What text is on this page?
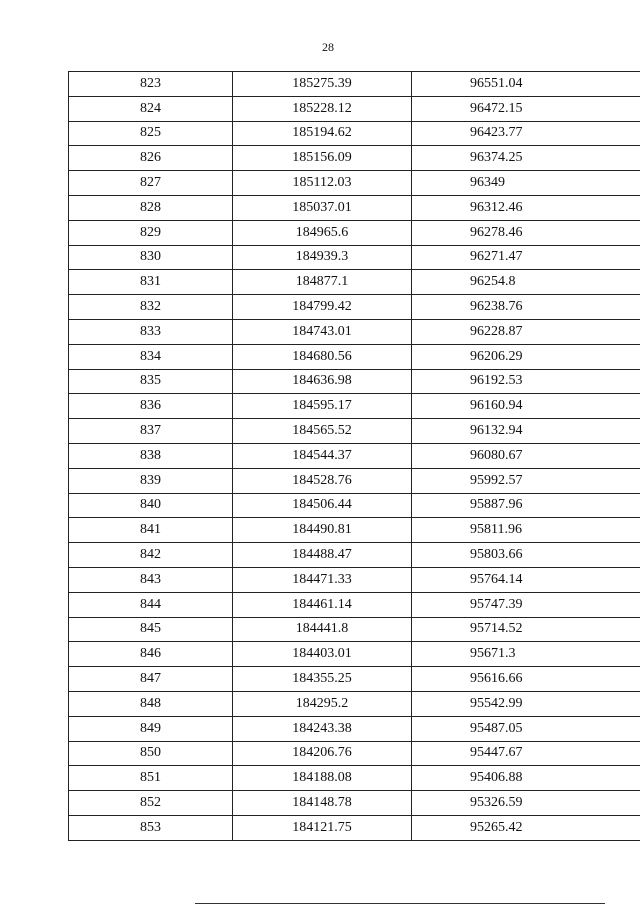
28
823	185275.39	96551.04
824	185228.12	96472.15
825	185194.62	96423.77
826	185156.09	96374.25
827	185112.03	96349
828	185037.01	96312.46
829	184965.6	96278.46
830	184939.3	96271.47
831	184877.1	96254.8
832	184799.42	96238.76
833	184743.01	96228.87
834	184680.56	96206.29
835	184636.98	96192.53
836	184595.17	96160.94
837	184565.52	96132.94
838	184544.37	96080.67
839	184528.76	95992.57
840	184506.44	95887.96
841	184490.81	95811.96
842	184488.47	95803.66
843	184471.33	95764.14
844	184461.14	95747.39
845	184441.8	95714.52
846	184403.01	95671.3
847	184355.25	95616.66
848	184295.2	95542.99
849	184243.38	95487.05
850	184206.76	95447.67
851	184188.08	95406.88
852	184148.78	95326.59
853	184121.75	95265.42
